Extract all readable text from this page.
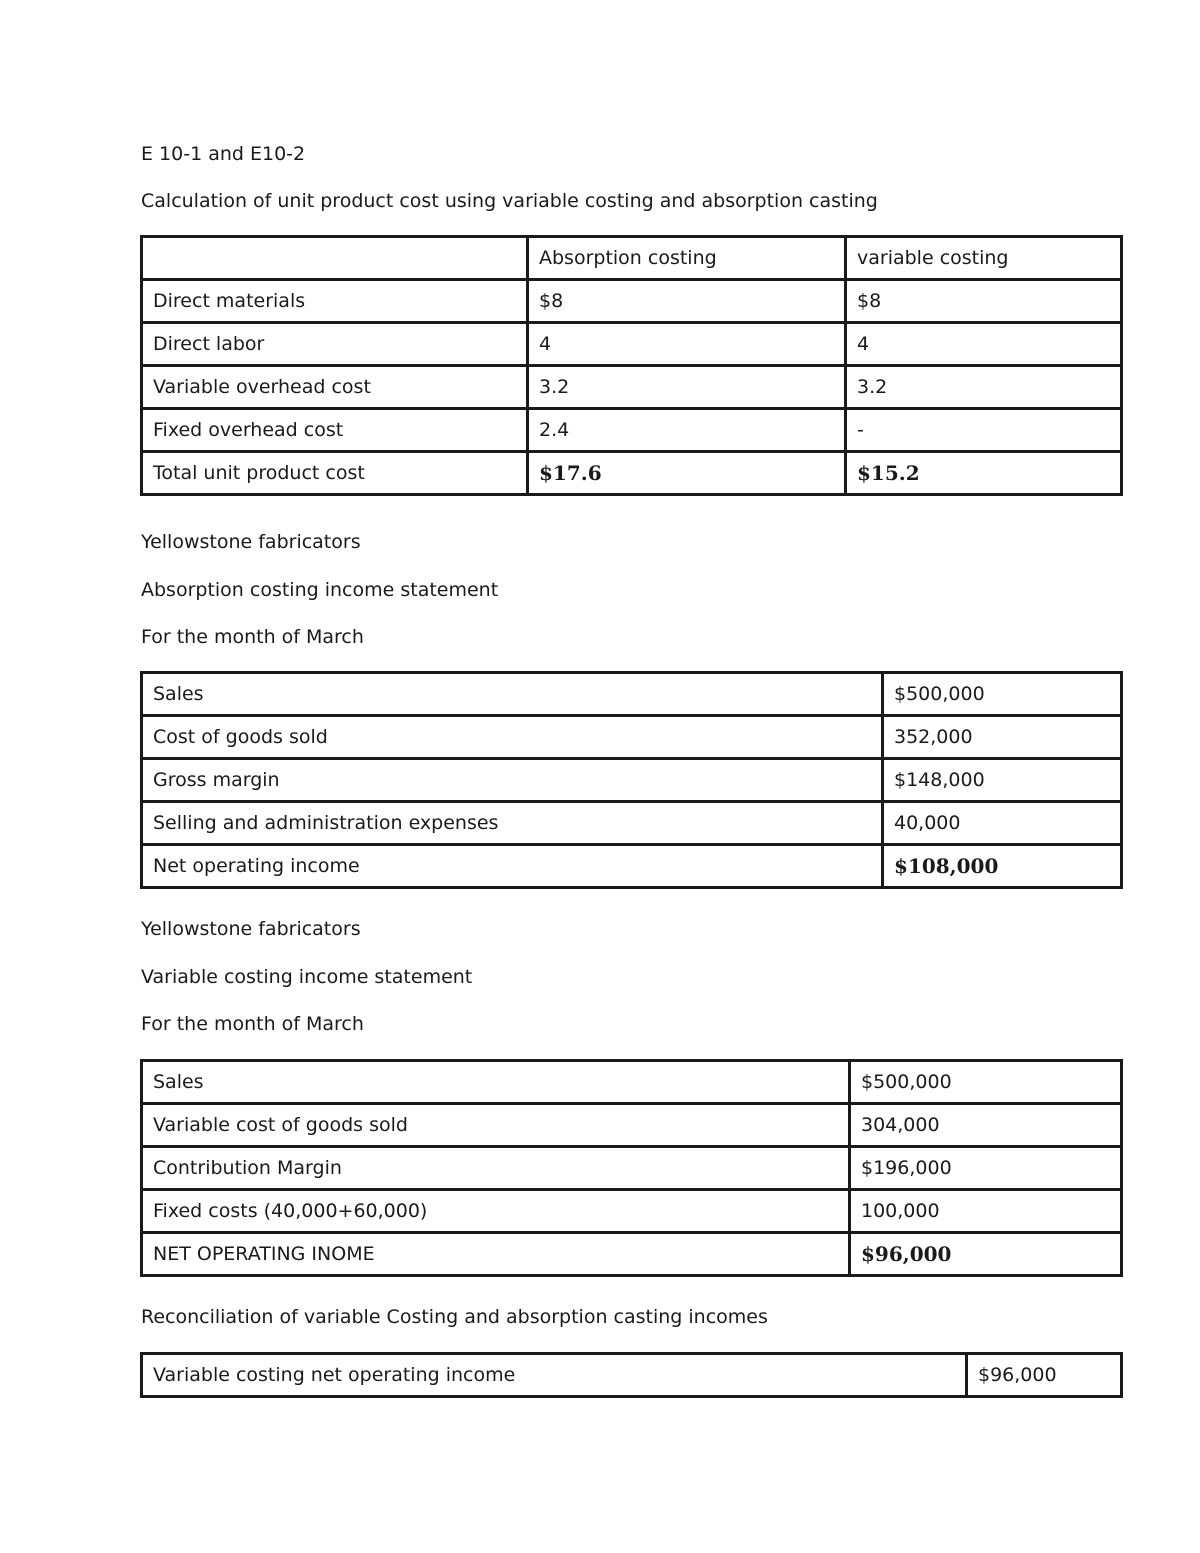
E 10-1 and E10-2
Calculation of unit product cost using variable costing and absorption casting
	Absorption costing	variable costing
Direct materials	$8	$8
Direct labor	4	4
Variable overhead cost	3.2	3.2
Fixed overhead cost	2.4	-
Total unit product cost	$17.6	$15.2
Yellowstone fabricators
Absorption costing income statement
For the month of March
Sales	$500,000
Cost of goods sold	352,000
Gross margin	$148,000
Selling and administration expenses	40,000
Net operating income	$108,000
Yellowstone fabricators
Variable costing income statement
For the month of March
Sales	$500,000
Variable cost of goods sold	304,000
Contribution Margin	$196,000
Fixed costs (40,000+60,000)	100,000
NET OPERATING INOME	$96,000
Reconciliation of variable Costing and absorption casting incomes
Variable costing net operating income	$96,000
